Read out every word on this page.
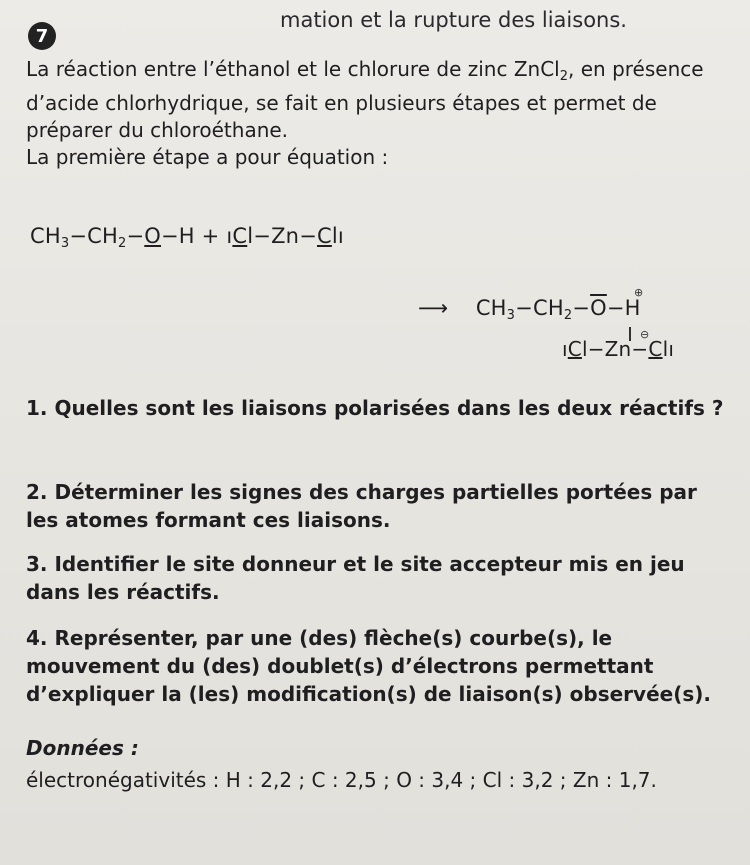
mation et la rupture des liaisons.
7
La réaction entre l’éthanol et le chlorure de zinc ZnCl$_2$, en présence d’acide chlorhydrique, se fait en plusieurs étapes et permet de préparer du chloroéthane.
La première étape a pour équation :
$CH_3-CH_2-O-H$ + ıCl−Zn−Clı
⟶    $CH_3-CH_2-\overline{O}-H$
⊕
⊖
ıCl−Zn−Clı
1. Quelles sont les liaisons polarisées dans les deux réactifs ?
2. Déterminer les signes des charges partielles portées par les atomes formant ces liaisons.
3. Identifier le site donneur et le site accepteur mis en jeu dans les réactifs.
4. Représenter, par une (des) flèche(s) courbe(s), le mouvement du (des) doublet(s) d’électrons permettant d’expliquer la (les) modification(s) de liaison(s) observée(s).
Données :
électronégativités : H : 2,2 ; C : 2,5 ; O : 3,4 ; Cl : 3,2 ; Zn : 1,7.
